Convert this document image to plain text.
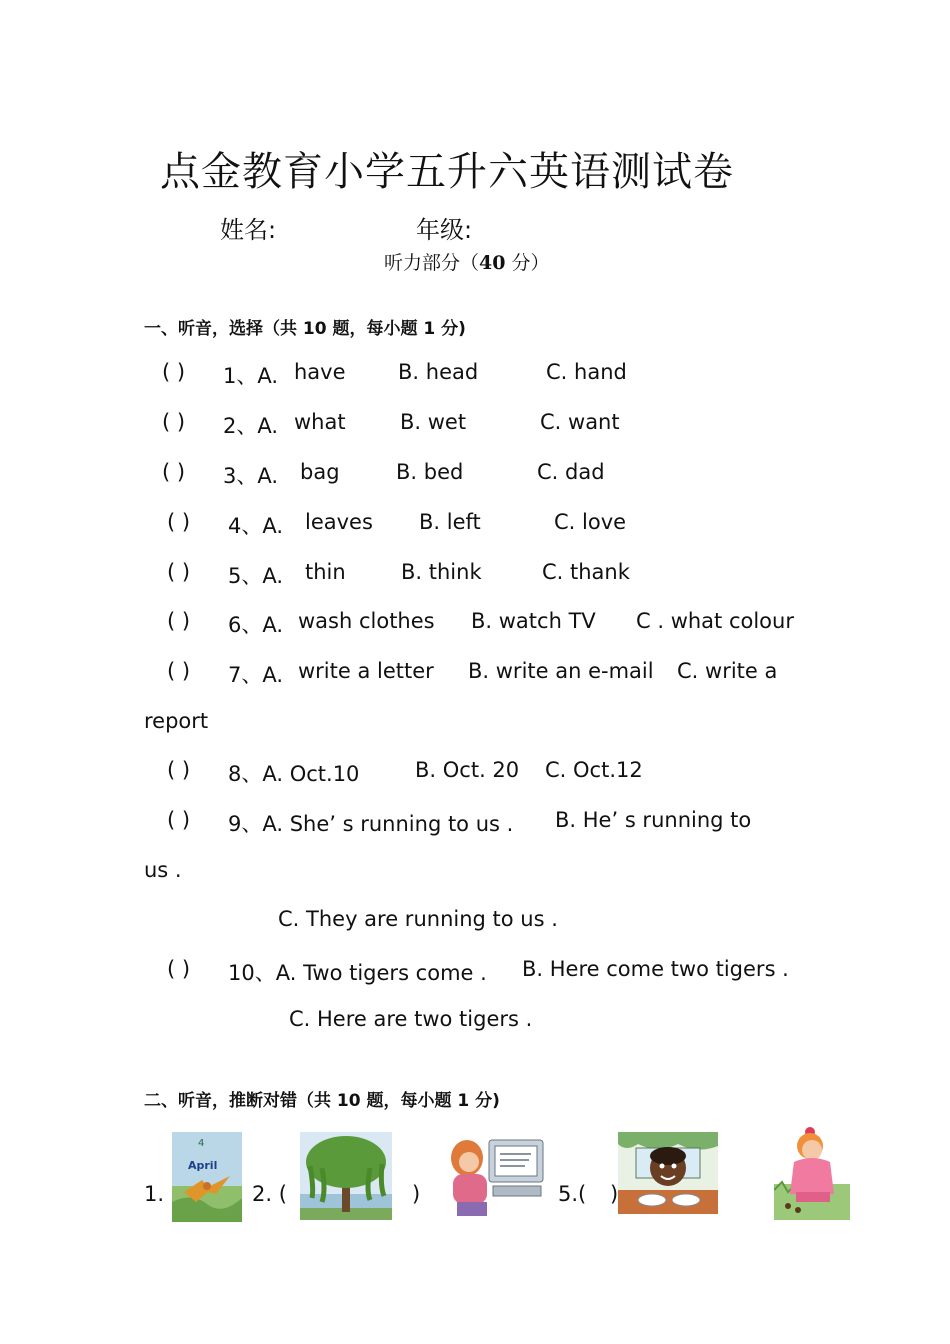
点金教育小学五升六英语测试卷
姓名:	年级:
听力部分（40 分）
一、听音，选择（共 10 题，每小题 1 分)
( ) 1、A. have B. head	C. hand
( ) 2、A. what	B. wet	C. want
( ) 3、A. bag	B. bed	C. dad
( ) 4、A. leaves B. left	C. love
( ) 5、A. thin	B. think	C. thank
( ) 6、A. wash clothes B. watch TV C . what colour
( ) 7、A. write a letter B. write an e-mail C. write a
report
( ) 8、A. Oct.10	B. Oct. 20 C. Oct.12
( ) 9、A. She’ s running to us . B. He’ s running to
us .
C. They are running to us .
( ) 10、A. Two tigers come . B. Here come two tigers .
C. Here are two tigers .
二、听音，推断对错（共 10 题，每小题 1 分)
1.
4
April
2. (	)	5.( )
